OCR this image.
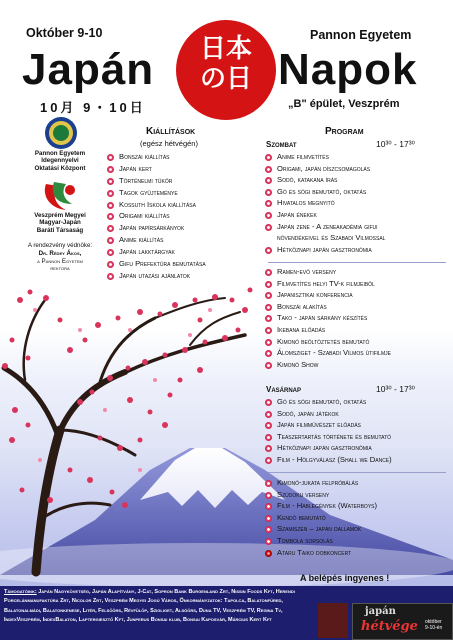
Október 9-10	Pannon Egyetem
Japán	Napok
10月 9・10日	„B" épület, Veszprém
日本
の日
Pannon Egyetem
Idegennyelvi
Oktatási Központ
Veszprém Megyei
Magyar-Japán
Baráti Társaság
A rendezvény védnöke:
Dr. Rédey Ákos,
a Pannon Egyetem
rektora
Kiállítások
(egész hétvégén)
Bonszái kiállítás
Japán kert
Történelmi tükör
Tagok gyűjteménye
Kossuth Iskola kiállítása
Origami kiállítás
Japán papírsárkányok
Anime kiállítás
Japán lakktárgyak
Gifu Prefektúra bemutatása
Japán utazási ajánlatok
Program
Szombat	10³⁰ - 17³⁰
Anime filmvetítés
Origami, japán díszcsomagolás
Sodó, katakana írás
Gó és sógi bemutató, oktatás
Hivatalos megnyitó
Japán énekek
Japán zene - A zeneakadémia gifui
növendékeivel és Szabadi Vilmossal
Hétköznapi japán gasztronómia
Ramen-evő verseny
Filmvetítés helyi TV-k filmjeiből
Japanisztikai konferencia
Bonszái alakítás
Tako - japán sárkány készítés
Ikebana előadás
Kimonó beöltöztetés bemutató
Álomsziget - Szabadi Vilmos útifilmje
Kimonó Show
Vasárnap	10³⁰ - 17³⁰
Gó és sógi bemutató, oktatás
Sodó, japán játékok
Japán filmművészet előadás
Teaszertartás története és bemutató
Hétköznapi japán gasztronómia
Film - Hölgyválasz (Shall we Dance)
Kimonó-jukata felpróbálás
Szúdoku verseny
Film - Hablegények (Waterboys)
Kendó bemutató
Szamiszen – japán dallamok
Tombola sorsolás
Ataru Taiko dobkoncert
A belépés ingyenes !
Támogatóink: Japán Nagykövetség, Japán Alapítvány, J-Cat, Sopron Bank Burgenland Zrt, Nissin Foods Kft, Herendi Porcelánmanufaktúra Zrt, Nicolor Zrt, Veszprém Megyei Jogú Város, Önkormányzatok: Tapolca, Balatonfüred, Balatonalmádi, Balatonkenese, Litér, Felsőörs, Révfülöp, Szigliget, Alsóörs, Duna TV, Veszprém TV, Regina Tv, IndexVeszprém, IndexBalaton, Laptergiesztő Kft, Junperus Bonsai klub, Bonsai Kaposvár, Március Kert Kft
japán
hétvége október
9-10-én
